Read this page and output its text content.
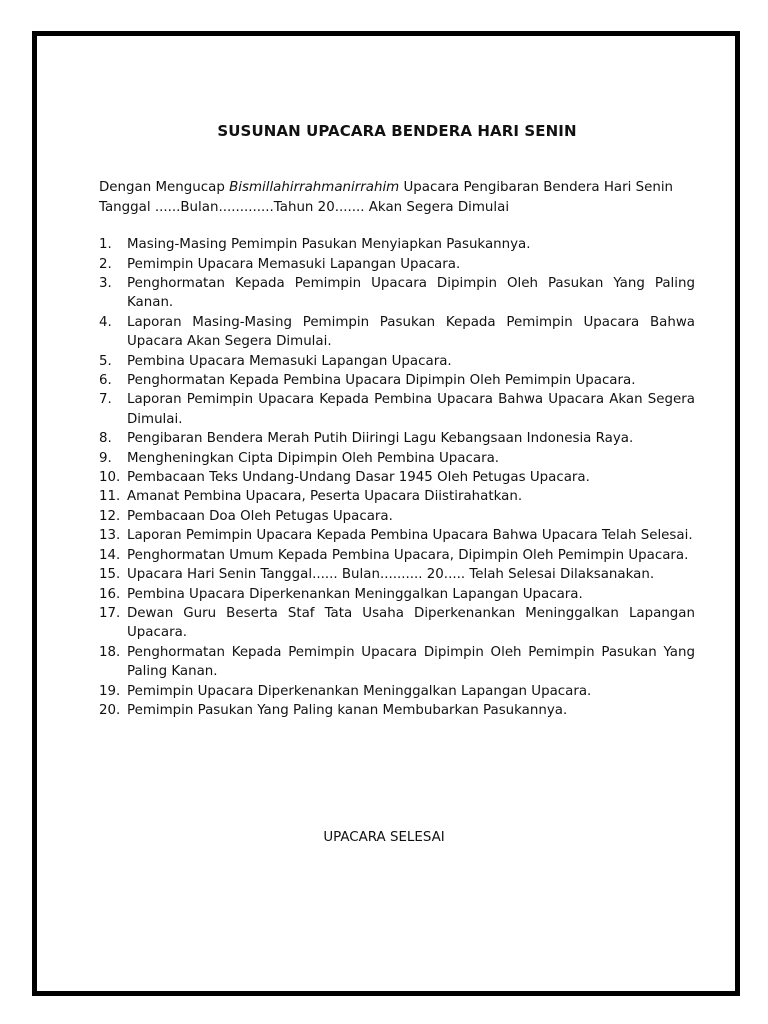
SUSUNAN UPACARA BENDERA HARI SENIN
Dengan Mengucap Bismillahirrahmanirrahim Upacara Pengibaran Bendera Hari Senin
Tanggal ......Bulan.............Tahun 20....... Akan Segera Dimulai
1.	Masing-Masing Pemimpin Pasukan Menyiapkan Pasukannya.
2.	Pemimpin Upacara Memasuki Lapangan Upacara.
3.	Penghormatan Kepada Pemimpin Upacara Dipimpin Oleh Pasukan Yang Paling Kanan.
4.	Laporan Masing-Masing Pemimpin Pasukan Kepada Pemimpin Upacara Bahwa Upacara Akan Segera Dimulai.
5.	Pembina Upacara Memasuki Lapangan Upacara.
6.	Penghormatan Kepada Pembina Upacara Dipimpin Oleh Pemimpin Upacara.
7.	Laporan Pemimpin Upacara Kepada Pembina Upacara Bahwa Upacara Akan Segera Dimulai.
8.	Pengibaran Bendera Merah Putih Diiringi Lagu Kebangsaan Indonesia Raya.
9.	Mengheningkan Cipta Dipimpin Oleh Pembina Upacara.
10. Pembacaan Teks Undang-Undang Dasar 1945 Oleh Petugas Upacara.
11. Amanat Pembina Upacara, Peserta Upacara Diistirahatkan.
12. Pembacaan Doa Oleh Petugas Upacara.
13. Laporan Pemimpin Upacara Kepada Pembina Upacara Bahwa Upacara Telah Selesai.
14. Penghormatan Umum Kepada Pembina Upacara, Dipimpin Oleh Pemimpin Upacara.
15. Upacara Hari Senin Tanggal...... Bulan.......... 20..... Telah Selesai Dilaksanakan.
16. Pembina Upacara Diperkenankan Meninggalkan Lapangan Upacara.
17. Dewan Guru Beserta Staf Tata Usaha Diperkenankan Meninggalkan Lapangan Upacara.
18. Penghormatan Kepada Pemimpin Upacara Dipimpin Oleh Pemimpin Pasukan Yang Paling Kanan.
19. Pemimpin Upacara Diperkenankan Meninggalkan Lapangan Upacara.
20. Pemimpin Pasukan Yang Paling kanan Membubarkan Pasukannya.
UPACARA SELESAI
